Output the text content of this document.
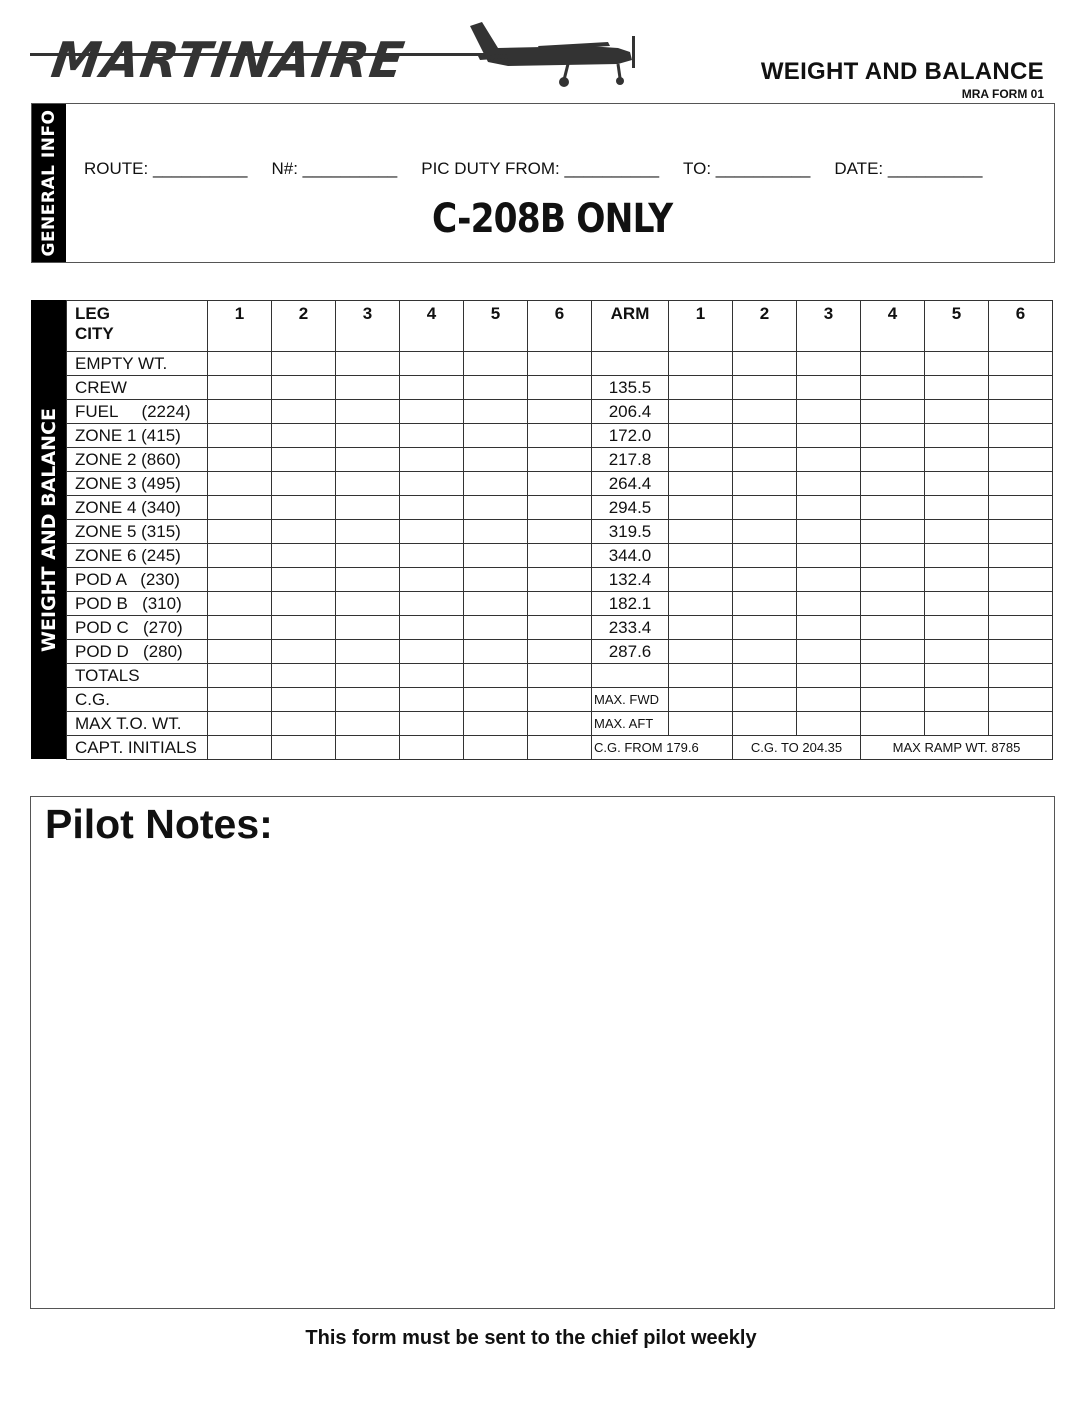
MARTINAIRE	WEIGHT AND BALANCE
MRA FORM 01
GENERAL INFO ROUTE: __________ N#: __________ PIC DUTY FROM: __________ TO: __________ DATE: __________
C-208B ONLY
WEIGHT AND BALANCE
LEG
CITY	1	2	3	4	5	6	ARM	1	2	3	4	5	6
EMPTY WT.													
CREW							135.5						
FUEL     (2224)							206.4						
ZONE 1 (415)							172.0						
ZONE 2 (860)							217.8						
ZONE 3 (495)							264.4						
ZONE 4 (340)							294.5						
ZONE 5 (315)							319.5						
ZONE 6 (245)							344.0						
POD A   (230)							132.4						
POD B   (310)							182.1						
POD C   (270)							233.4						
POD D   (280)							287.6						
TOTALS													
C.G.							MAX. FWD						
MAX T.O. WT.							MAX. AFT						
CAPT. INITIALS							C.G. FROM 179.6		C.G. TO 204.35		MAX RAMP WT. 8785		
Pilot Notes:
This form must be sent to the chief pilot weekly
